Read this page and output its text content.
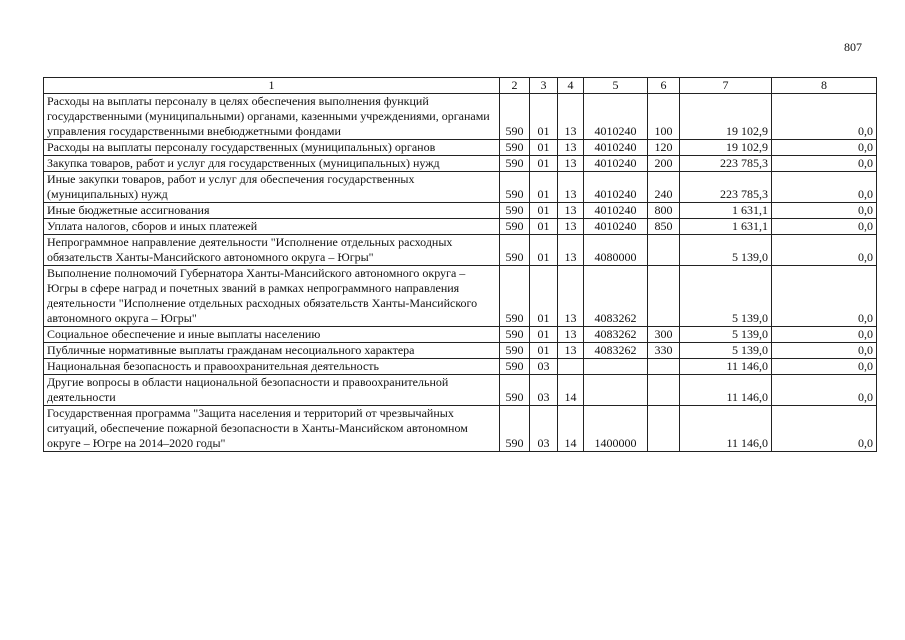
807
1	2	3	4	5	6	7	8
Расходы на выплаты персоналу в целях обеспечения выполнения функций государственными (муниципальными) органами, казенными учреждениями, органами управления государственными внебюджетными фондами	590	01	13	4010240	100	19 102,9	0,0
Расходы на выплаты персоналу государственных (муниципальных) органов	590	01	13	4010240	120	19 102,9	0,0
Закупка товаров, работ и услуг для государственных (муниципальных) нужд	590	01	13	4010240	200	223 785,3	0,0
Иные закупки товаров, работ и услуг для обеспечения государственных (муниципальных) нужд	590	01	13	4010240	240	223 785,3	0,0
Иные бюджетные ассигнования	590	01	13	4010240	800	1 631,1	0,0
Уплата налогов, сборов и иных платежей	590	01	13	4010240	850	1 631,1	0,0
Непрограммное направление деятельности "Исполнение отдельных расходных обязательств Ханты-Мансийского автономного округа – Югры"	590	01	13	4080000		5 139,0	0,0
Выполнение полномочий Губернатора Ханты-Мансийского автономного округа – Югры в сфере наград и почетных званий в рамках непрограммного направления деятельности "Исполнение отдельных расходных обязательств Ханты-Мансийского автономного округа – Югры"	590	01	13	4083262		5 139,0	0,0
Социальное обеспечение и иные выплаты населению	590	01	13	4083262	300	5 139,0	0,0
Публичные нормативные выплаты гражданам несоциального характера	590	01	13	4083262	330	5 139,0	0,0
Национальная безопасность и правоохранительная деятельность	590	03				11 146,0	0,0
Другие вопросы в области национальной безопасности и правоохранительной деятельности	590	03	14			11 146,0	0,0
Государственная программа "Защита населения и территорий от чрезвычайных ситуаций, обеспечение пожарной безопасности в Ханты-Мансийском автономном округе – Югре на 2014–2020 годы"	590	03	14	1400000		11 146,0	0,0
